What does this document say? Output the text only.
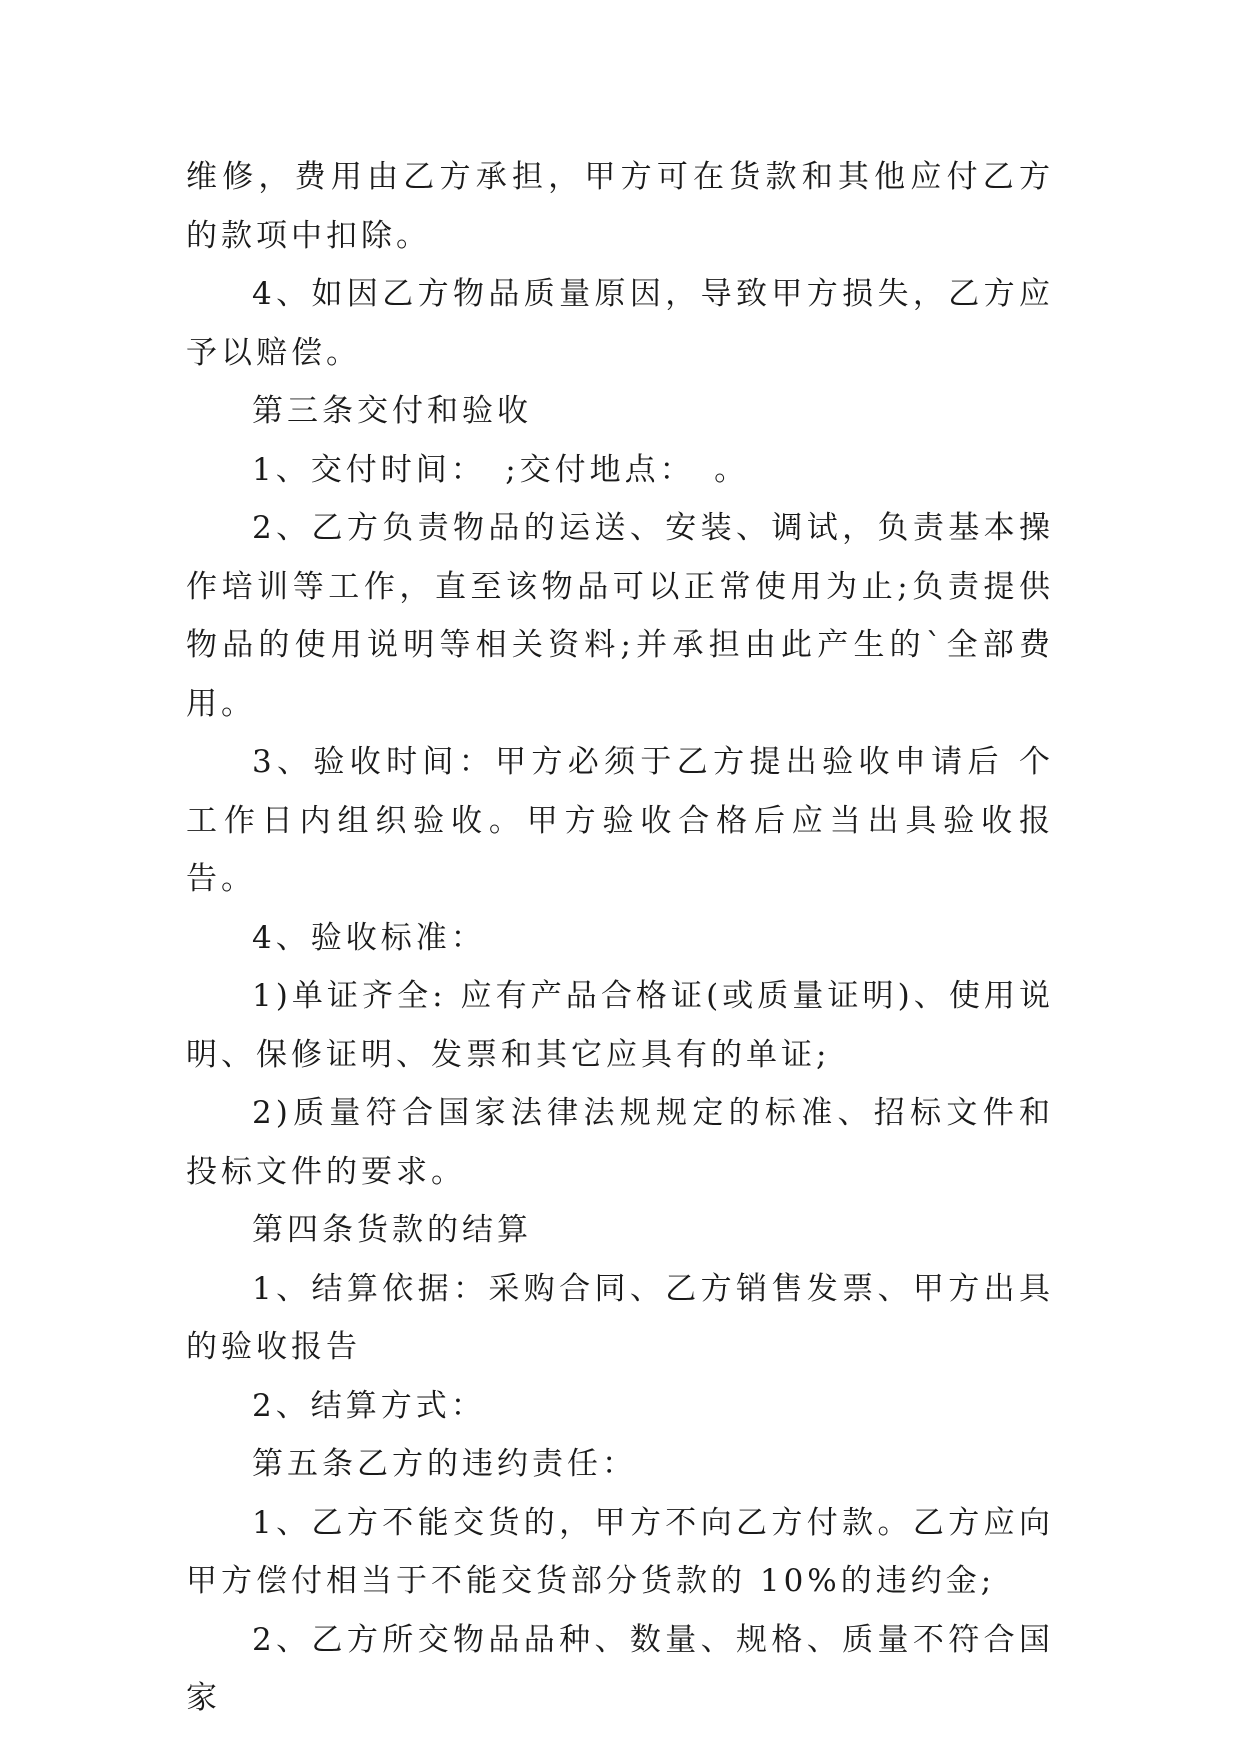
维修，费用由乙方承担，甲方可在货款和其他应付乙方的款项中扣除。

4、如因乙方物品质量原因，导致甲方损失，乙方应予以赔偿。

第三条交付和验收

1、交付时间：　;交付地点：　。

2、乙方负责物品的运送、安装、调试，负责基本操作培训等工作，直至该物品可以正常使用为止;负责提供物品的使用说明等相关资料;并承担由此产生的`全部费用。

3、验收时间：甲方必须于乙方提出验收申请后 个工作日内组织验收。甲方验收合格后应当出具验收报告。

4、验收标准：

1)单证齐全: 应有产品合格证(或质量证明)、使用说明、保修证明、发票和其它应具有的单证;

2)质量符合国家法律法规规定的标准、招标文件和投标文件的要求。

第四条货款的结算

1、结算依据：采购合同、乙方销售发票、甲方出具的验收报告

2、结算方式：

第五条乙方的违约责任：

1、乙方不能交货的，甲方不向乙方付款。乙方应向甲方偿付相当于不能交货部分货款的 10%的违约金;

2、乙方所交物品品种、数量、规格、质量不符合国家
